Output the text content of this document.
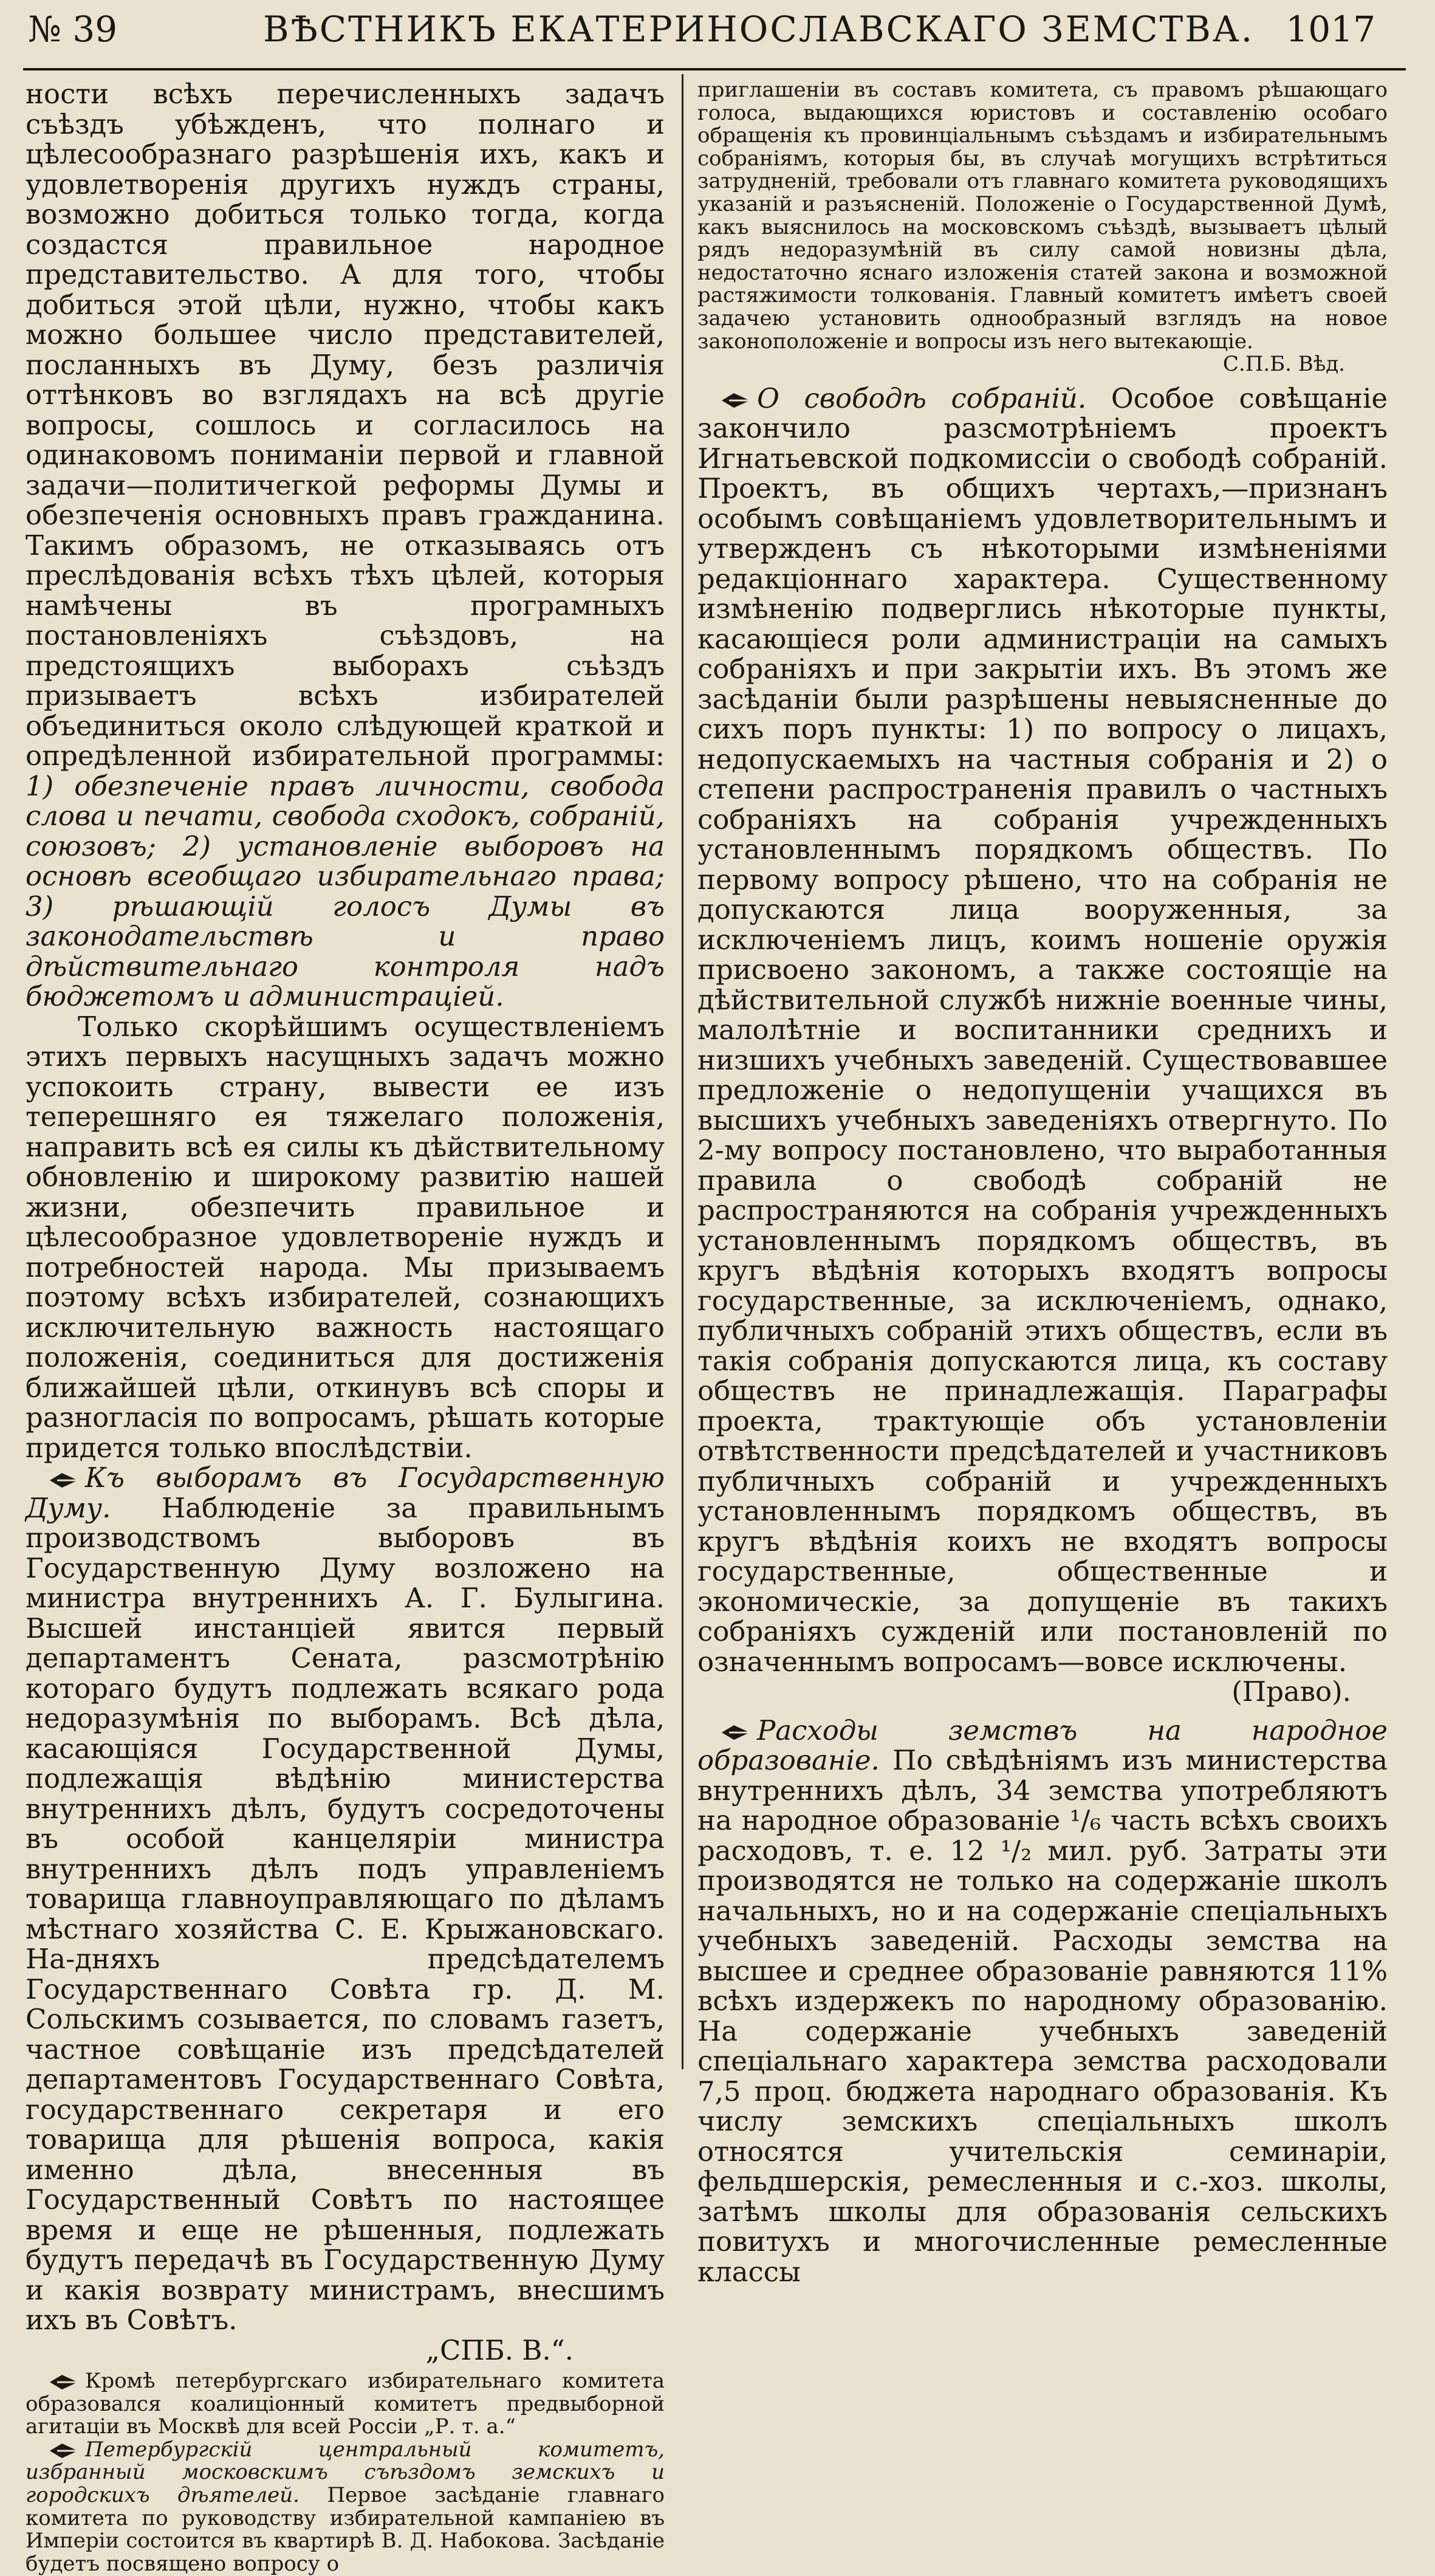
№ 39	ВѢСТНИКЪ ЕКАТЕРИНОСЛАВСКАГО ЗЕМСТВА. 1017

ности всѣхъ перечисленныхъ задачъ съѣздъ убѣжденъ, что полнаго и цѣлесообразнаго разрѣшенія ихъ, какъ и удовлетворенія другихъ нуждъ страны, возможно добиться только тогда, когда создастся правильное народное представительство. А для того, чтобы добиться этой цѣли, нужно, чтобы какъ можно большее число представителей, посланныхъ въ Думу, безъ различія оттѣнковъ во взглядахъ на всѣ другіе вопросы, сошлось и согласилось на одинаковомъ пониманіи первой и главной задачи—политичегкой реформы Думы и обезпеченія основныхъ правъ гражданина. Такимъ образомъ, не отказываясь отъ преслѣдованія всѣхъ тѣхъ цѣлей, которыя намѣчены въ програмныхъ постановленіяхъ съѣздовъ, на предстоящихъ выборахъ съѣздъ призываетъ всѣхъ избирателей объединиться около слѣдующей краткой и опредѣленной избирательной программы: 1) обезпеченіе правъ личности, свобода слова и печати, свобода сходокъ, собраній, союзовъ; 2) установленіе выборовъ на основѣ всеобщаго избирательнаго права; 3) рѣшающій голосъ Думы въ законодательствѣ и право дѣйствительнаго контроля надъ бюджетомъ и администраціей.

Только скорѣйшимъ осуществленіемъ этихъ первыхъ насущныхъ задачъ можно успокоить страну, вывести ее изъ теперешняго ея тяжелаго положенія, направить всѣ ея силы къ дѣйствительному обновленію и широкому развитію нашей жизни, обезпечить правильное и цѣлесообразное удовлетвореніе нуждъ и потребностей народа. Мы призываемъ поэтому всѣхъ избирателей, сознающихъ исключительную важность настоящаго положенія, соединиться для достиженія ближайшей цѣли, откинувъ всѣ споры и разногласія по вопросамъ, рѣшать которые придется только впослѣдствіи.

Къ выборамъ въ Государственную Думу. Наблюденіе за правильнымъ производствомъ выборовъ въ Государственную Думу возложено на министра внутреннихъ А. Г. Булыгина. Высшей инстанціей явится первый департаментъ Сената, разсмотрѣнію котораго будутъ подлежать всякаго рода недоразумѣнія по выборамъ. Всѣ дѣла, касающіяся Государственной Думы, подлежащія вѣдѣнію министерства внутреннихъ дѣлъ, будутъ сосредоточены въ особой канцеляріи министра внутреннихъ дѣлъ подъ управленіемъ товарища главноуправляющаго по дѣламъ мѣстнаго хозяйства С. Е. Крыжановскаго. На-дняхъ предсѣдателемъ Государственнаго Совѣта гр. Д. М. Сольскимъ созывается, по словамъ газетъ, частное совѣщаніе изъ предсѣдателей департаментовъ Государственнаго Совѣта, государственнаго секретаря и его товарища для рѣшенія вопроса, какія именно дѣла, внесенныя въ Государственный Совѣтъ по настоящее время и еще не рѣшенныя, подлежать будутъ передачѣ въ Государственную Думу и какія возврату министрамъ, внесшимъ ихъ въ Совѣтъ.

„СПБ. В.“.

Кромѣ петербургскаго избирательнаго комитета образовался коалиціонный комитетъ предвыборной агитаціи въ Москвѣ для всей Россіи „Р. т. а.“

Петербургскій центральный комитетъ, избранный московскимъ съѣздомъ земскихъ и городскихъ дѣятелей. Первое засѣданіе главнаго комитета по руководству избирательной кампаніею въ Имперіи состоится въ квартирѣ В. Д. Набокова. Засѣданіе будетъ посвящено вопросу о

приглашеніи въ составъ комитета, съ правомъ рѣшающаго голоса, выдающихся юристовъ и составленію особаго обращенія къ провинціальнымъ съѣздамъ и избирательнымъ собраніямъ, которыя бы, въ случаѣ могущихъ встрѣтиться затрудненій, требовали отъ главнаго комитета руководящихъ указаній и разъясненій. Положеніе о Государственной Думѣ, какъ выяснилось на московскомъ съѣздѣ, вызываетъ цѣлый рядъ недоразумѣній въ силу самой новизны дѣла, недостаточно яснаго изложенія статей закона и возможной растяжимости толкованія. Главный комитетъ имѣетъ своей задачею установить однообразный взглядъ на новое законоположеніе и вопросы изъ него вытекающіе.

С.П.Б. Вѣд.

О свободѣ собраній. Особое совѣщаніе закончило разсмотрѣніемъ проектъ Игнатьевской подкомиссіи о свободѣ собраній. Проектъ, въ общихъ чертахъ,—признанъ особымъ совѣщаніемъ удовлетворительнымъ и утвержденъ съ нѣкоторыми измѣненіями редакціоннаго характера. Существенному измѣненію подверглись нѣкоторые пункты, касающіеся роли администраціи на самыхъ собраніяхъ и при закрытіи ихъ. Въ этомъ же засѣданіи были разрѣшены невыясненные до сихъ поръ пункты: 1) по вопросу о лицахъ, недопускаемыхъ на частныя собранія и 2) о степени распространенія правилъ о частныхъ собраніяхъ на собранія учрежденныхъ установленнымъ порядкомъ обществъ. По первому вопросу рѣшено, что на собранія не допускаются лица вооруженныя, за исключеніемъ лицъ, коимъ ношеніе оружія присвоено закономъ, а также состоящіе на дѣйствительной службѣ нижніе военные чины, малолѣтніе и воспитанники среднихъ и низшихъ учебныхъ заведеній. Существовавшее предложеніе о недопущеніи учащихся въ высшихъ учебныхъ заведеніяхъ отвергнуто. По 2-му вопросу постановлено, что выработанныя правила о свободѣ собраній не распространяются на собранія учрежденныхъ установленнымъ порядкомъ обществъ, въ кругъ вѣдѣнія которыхъ входятъ вопросы государственные, за исключеніемъ, однако, публичныхъ собраній этихъ обществъ, если въ такія собранія допускаются лица, къ составу обществъ не принадлежащія. Параграфы проекта, трактующіе объ установленіи отвѣтственности предсѣдателей и участниковъ публичныхъ собраній и учрежденныхъ установленнымъ порядкомъ обществъ, въ кругъ вѣдѣнія коихъ не входятъ вопросы государственные, общественные и экономическіе, за допущеніе въ такихъ собраніяхъ сужденій или постановленій по означеннымъ вопросамъ—вовсе исключены.

(Право).

Расходы земствъ на народное образованіе. По свѣдѣніямъ изъ министерства внутреннихъ дѣлъ, 34 земства употребляютъ на народное образованіе ¹/₆ часть всѣхъ своихъ расходовъ, т. е. 12 ¹/₂ мил. руб. Затраты эти производятся не только на содержаніе школъ начальныхъ, но и на содержаніе спеціальныхъ учебныхъ заведеній. Расходы земства на высшее и среднее образованіе равняются 11% всѣхъ издержекъ по народному образованію. На содержаніе учебныхъ заведеній спеціальнаго характера земства расходовали 7,5 проц. бюджета народнаго образованія. Къ числу земскихъ спеціальныхъ школъ относятся учительскія семинаріи, фельдшерскія, ремесленныя и с.-хоз. школы, затѣмъ школы для образованія сельскихъ повитухъ и многочисленные ремесленные классы
